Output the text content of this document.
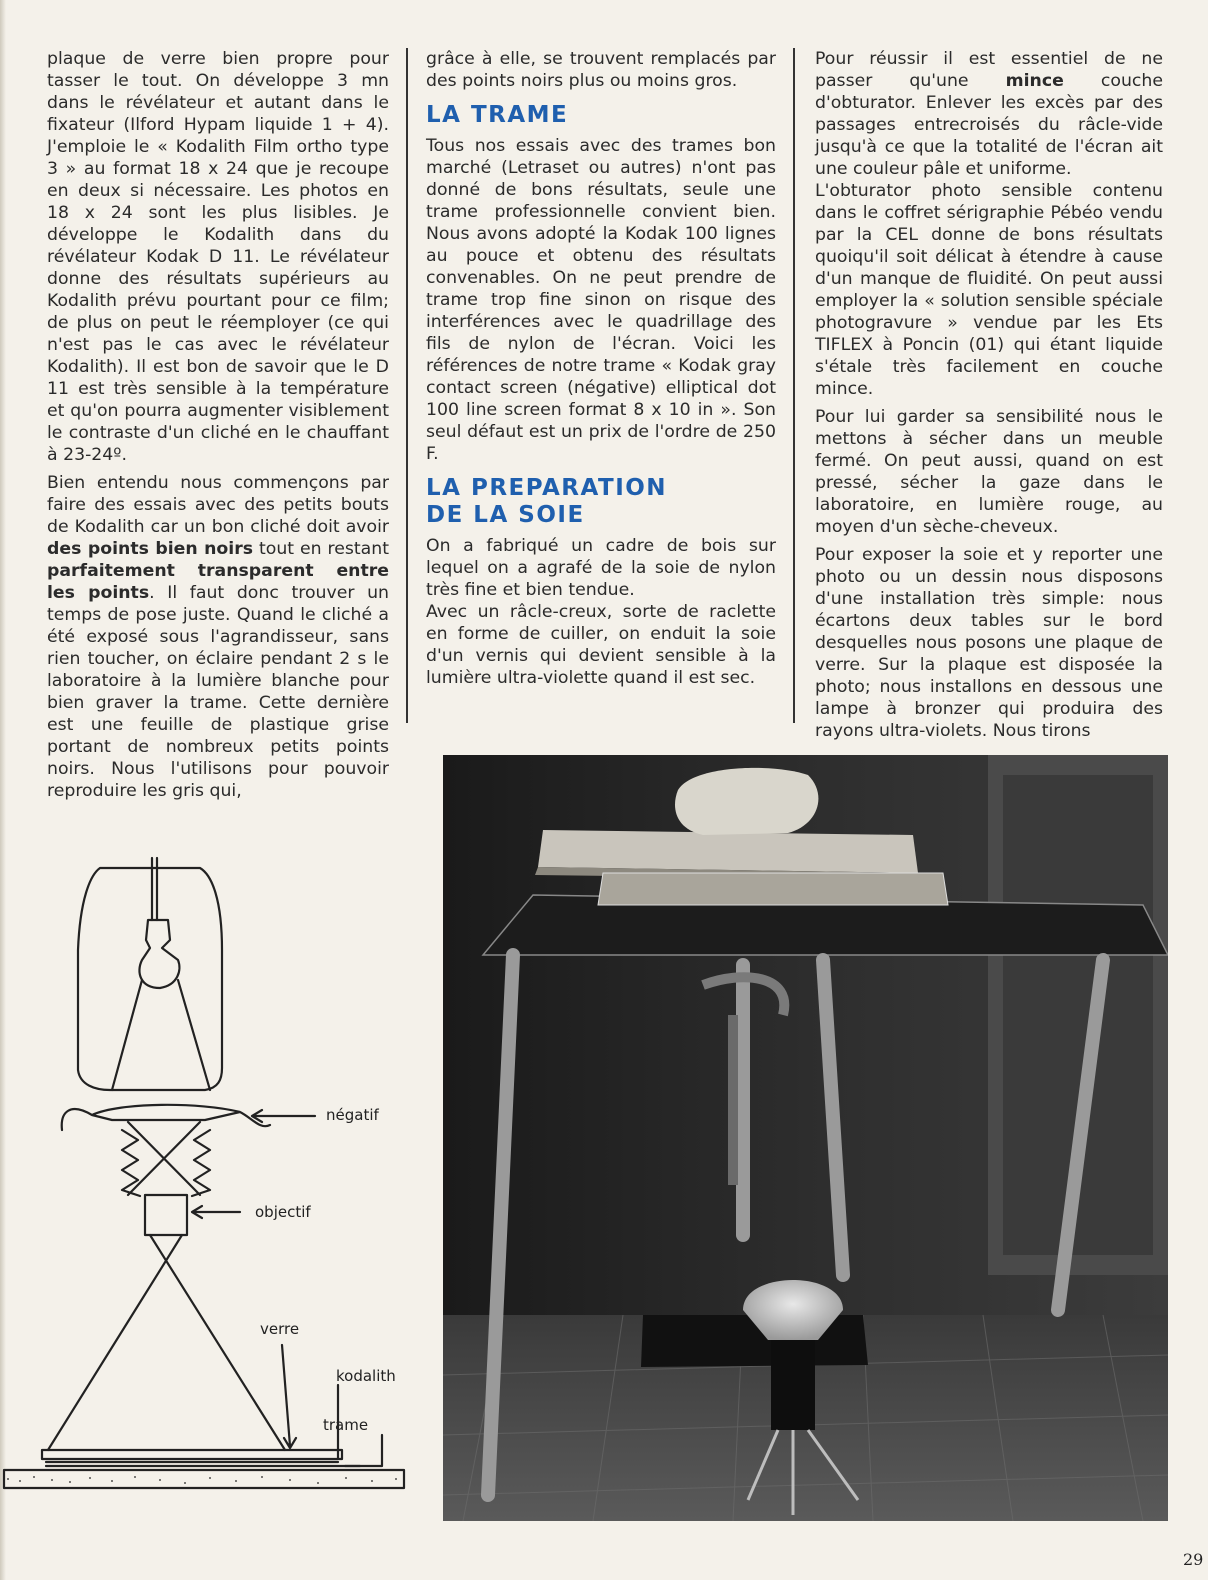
plaque de verre bien propre pour tasser le tout. On développe 3 mn dans le révélateur et autant dans le fixateur (Ilford Hypam liquide 1 + 4). J'emploie le « Kodalith Film ortho type 3 » au format 18 x 24 que je recoupe en deux si nécessaire. Les photos en 18 x 24 sont les plus lisibles. Je développe le Kodalith dans du révélateur Kodak D 11. Le révélateur donne des résultats supérieurs au Kodalith prévu pourtant pour ce film; de plus on peut le réemployer (ce qui n'est pas le cas avec le révélateur Kodalith). Il est bon de savoir que le D 11 est très sensible à la température et qu'on pourra augmenter visiblement le contraste d'un cliché en le chauffant à 23-24º.

Bien entendu nous commençons par faire des essais avec des petits bouts de Kodalith car un bon cliché doit avoir des points bien noirs tout en restant parfaitement transparent entre les points. Il faut donc trouver un temps de pose juste. Quand le cliché a été exposé sous l'agrandisseur, sans rien toucher, on éclaire pendant 2 s le laboratoire à la lumière blanche pour bien graver la trame. Cette dernière est une feuille de plastique grise portant de nombreux petits points noirs. Nous l'utilisons pour pouvoir reproduire les gris qui,

grâce à elle, se trouvent remplacés par des points noirs plus ou moins gros.

LA TRAME

Tous nos essais avec des trames bon marché (Letraset ou autres) n'ont pas donné de bons résultats, seule une trame professionnelle convient bien. Nous avons adopté la Kodak 100 lignes au pouce et obtenu des résultats convenables. On ne peut prendre de trame trop fine sinon on risque des interférences avec le quadrillage des fils de nylon de l'écran. Voici les références de notre trame « Kodak gray contact screen (négative) elliptical dot 100 line screen format 8 x 10 in ». Son seul défaut est un prix de l'ordre de 250 F.

LA PREPARATION
DE LA SOIE

On a fabriqué un cadre de bois sur lequel on a agrafé de la soie de nylon très fine et bien tendue.

Avec un râcle-creux, sorte de raclette en forme de cuiller, on enduit la soie d'un vernis qui devient sensible à la lumière ultra-violette quand il est sec.

Pour réussir il est essentiel de ne passer qu'une mince couche d'obturator. Enlever les excès par des passages entrecroisés du râcle-vide jusqu'à ce que la totalité de l'écran ait une couleur pâle et uniforme.

L'obturator photo sensible contenu dans le coffret sérigraphie Pébéo vendu par la CEL donne de bons résultats quoiqu'il soit délicat à étendre à cause d'un manque de fluidité. On peut aussi employer la « solution sensible spéciale photogravure » vendue par les Ets TIFLEX à Poncin (01) qui étant liquide s'étale très facilement en couche mince.

Pour lui garder sa sensibilité nous le mettons à sécher dans un meuble fermé. On peut aussi, quand on est pressé, sécher la gaze dans le laboratoire, en lumière rouge, au moyen d'un sèche-cheveux.

Pour exposer la soie et y reporter une photo ou un dessin nous disposons d'une installation très simple: nous écartons deux tables sur le bord desquelles nous posons une plaque de verre. Sur la plaque est disposée la photo; nous installons en dessous une lampe à bronzer qui produira des rayons ultra-violets. Nous tirons

négatif
objectif
verre
kodalith
trame
29
